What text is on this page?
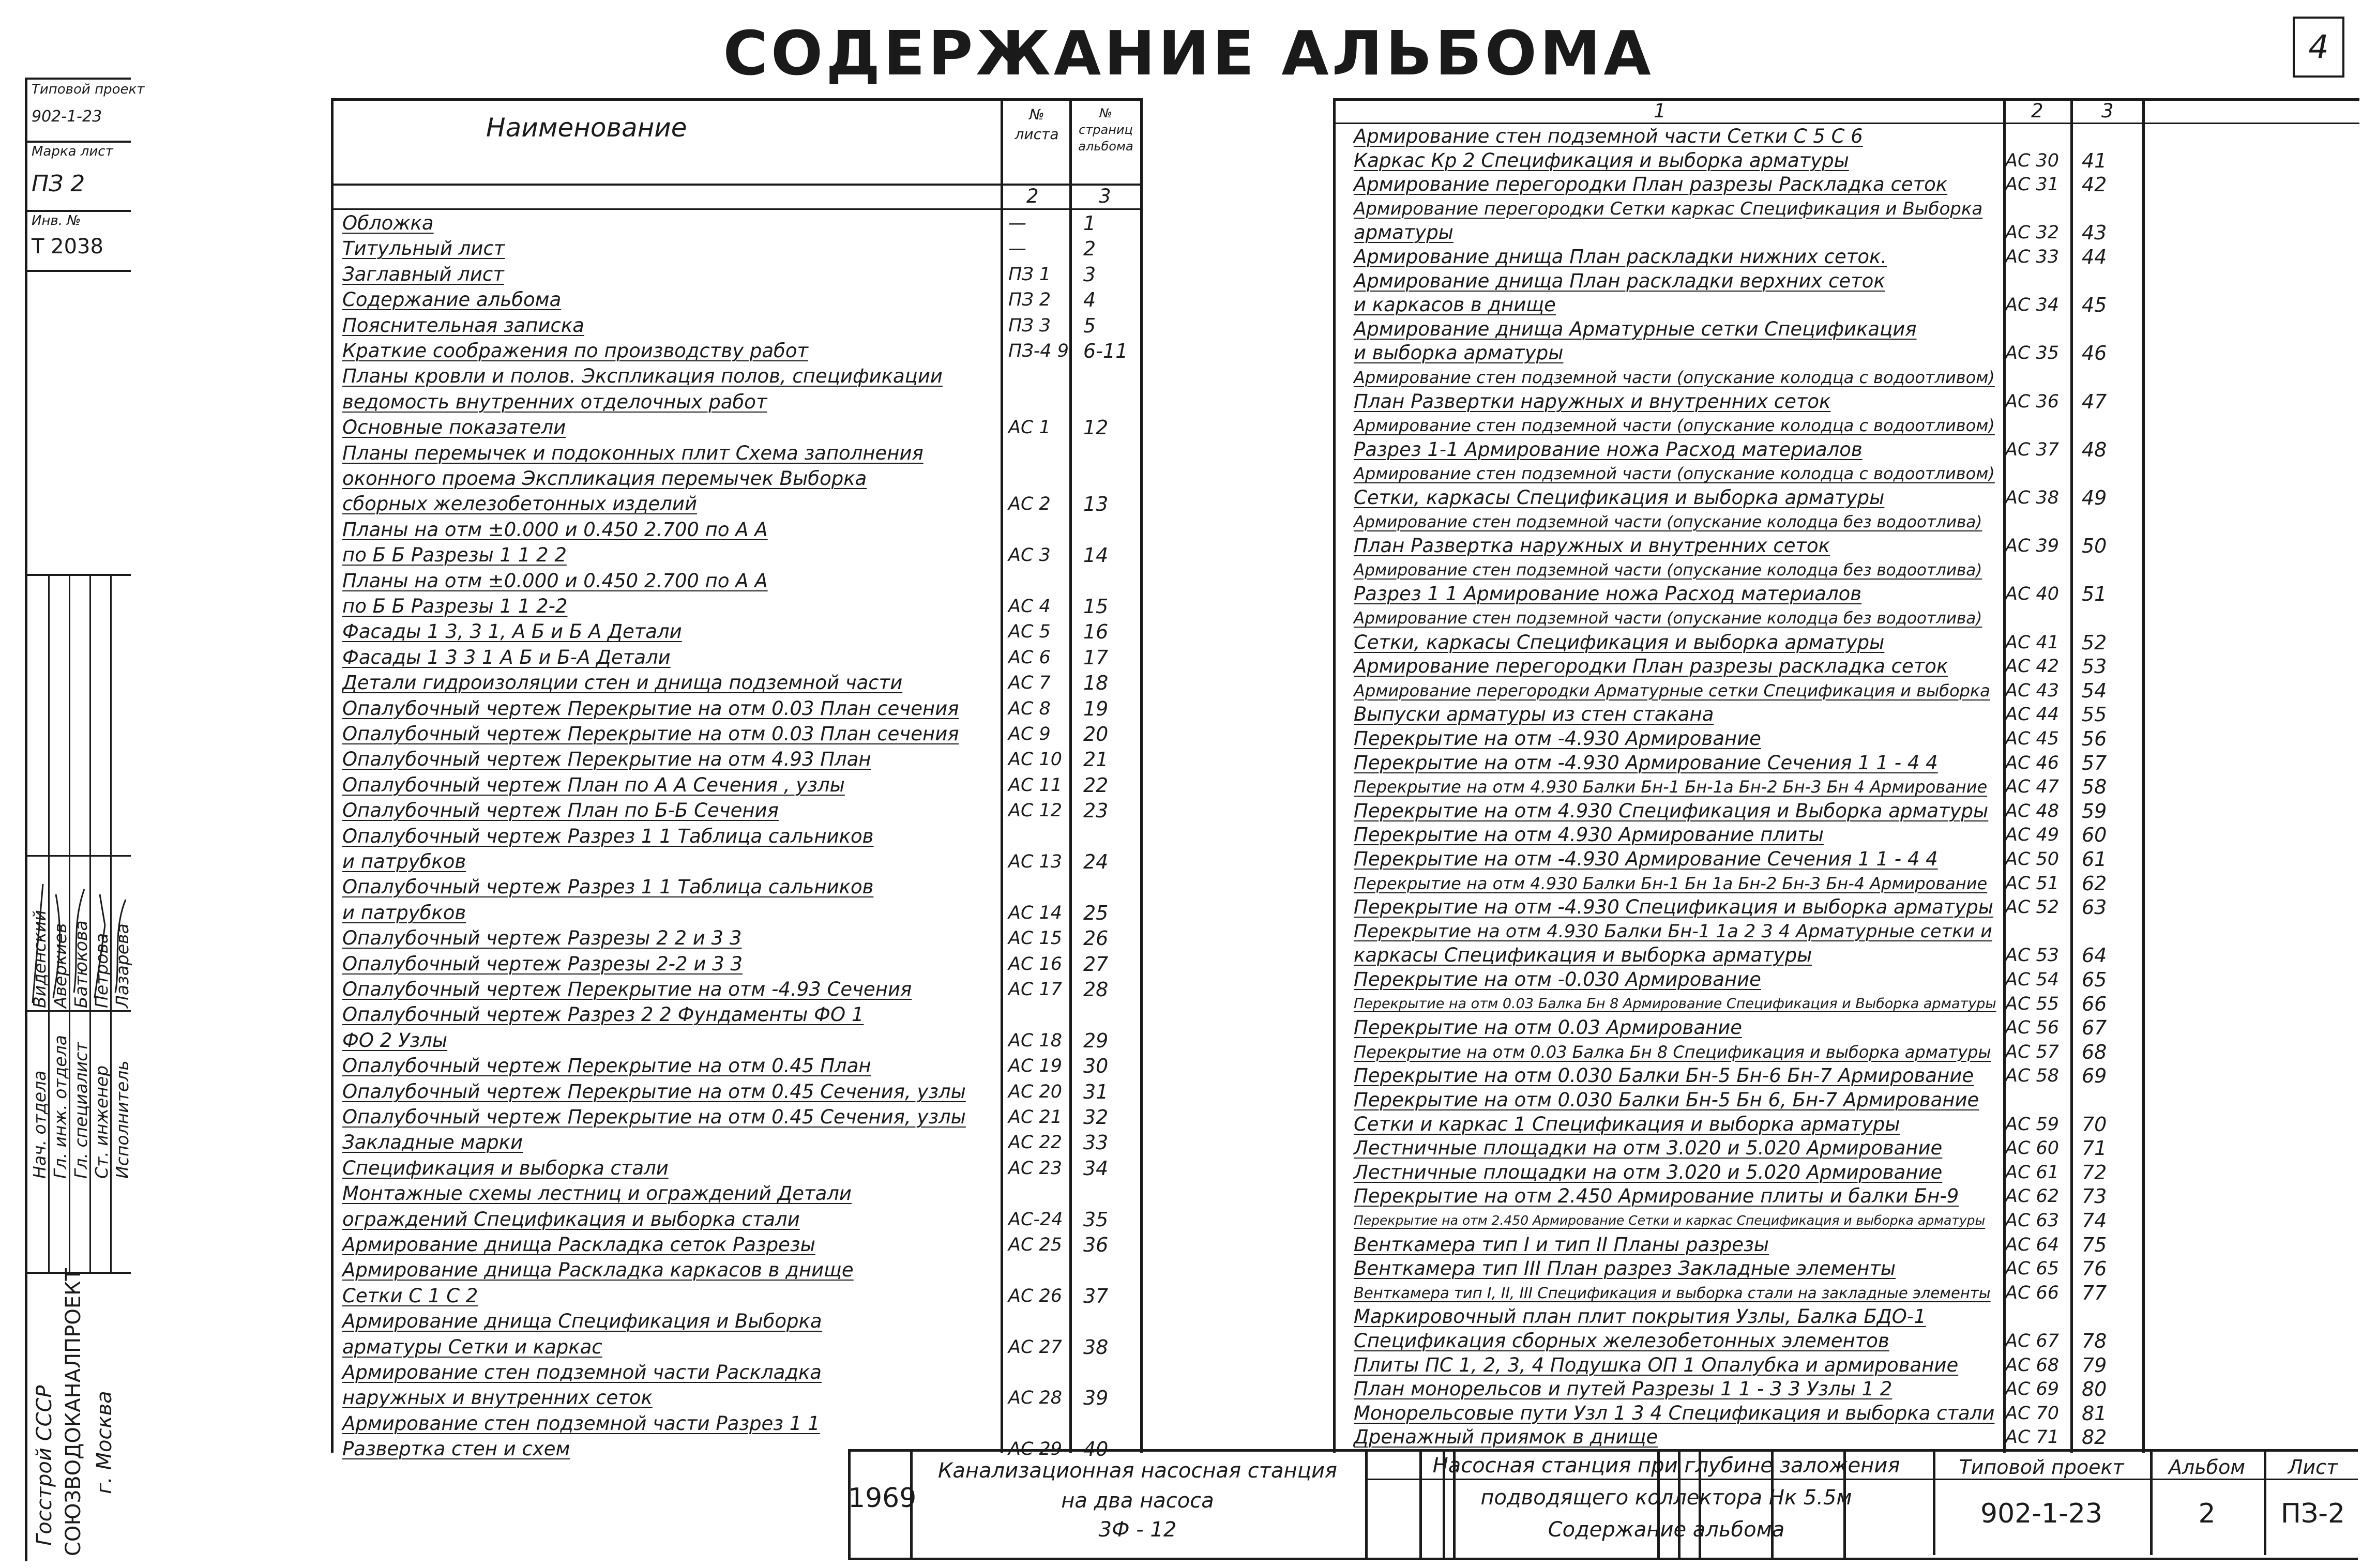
СОДЕРЖАНИЕ АЛЬБОМА	4
Типовой проект
902-1-23
Марка лист
ПЗ 2
Инв. №
Т 2038
Нач. отдела Гл. инж. отдела Гл. специалист Ст. инженер Исполнитель
Виденский Аверкиев Батюкова Петрова Лазарева
Госстрой СССР СОЮЗВОДОКАНАЛПРОЕКТ г. Москва
Наименование	№ листа
№ страниц альбома
2	3
Обложка	—	1
Титульный лист	—	2
Заглавный лист	ПЗ 1 3
Содержание альбома	ПЗ 2 4
Пояснительная записка	ПЗ 3 5
Краткие соображения по производству работ	ПЗ-4 9 6-11
Планы кровли и полов. Экспликация полов, спецификации
ведомость внутренних отделочных работ
Основные показатели	АС 1 12
Планы перемычек и подоконных плит Схема заполнения
оконного проема Экспликация перемычек Выборка
сборных железобетонных изделий	АС 2 13
Планы на отм ±0.000 и 0.450 2.700 по А А
по Б Б Разрезы 1 1 2 2	АС 3 14
Планы на отм ±0.000 и 0.450 2.700 по А А
по Б Б Разрезы 1 1 2-2	АС 4 15
Фасады 1 3, 3 1, А Б и Б А Детали	АС 5 16
Фасады 1 3 3 1 А Б и Б-А Детали	АС 6 17
Детали гидроизоляции стен и днища подземной части	АС 7 18
Опалубочный чертеж Перекрытие на отм 0.03 План сечения	АС 8 19
Опалубочный чертеж Перекрытие на отм 0.03 План сечения	АС 9 20
Опалубочный чертеж Перекрытие на отм 4.93 План	АС 10 21
Опалубочный чертеж План по А А Сечения , узлы	АС 11 22
Опалубочный чертеж План по Б-Б Сечения	АС 12 23
Опалубочный чертеж Разрез 1 1 Таблица сальников
и патрубков	АС 13 24
Опалубочный чертеж Разрез 1 1 Таблица сальников
и патрубков	АС 14 25
Опалубочный чертеж Разрезы 2 2 и 3 3	АС 15 26
Опалубочный чертеж Разрезы 2-2 и 3 3	АС 16 27
Опалубочный чертеж Перекрытие на отм -4.93 Сечения	АС 17 28
Опалубочный чертеж Разрез 2 2 Фундаменты ФО 1
ФО 2 Узлы	АС 18 29
Опалубочный чертеж Перекрытие на отм 0.45 План	АС 19 30
Опалубочный чертеж Перекрытие на отм 0.45 Сечения, узлы АС 20 31
Опалубочный чертеж Перекрытие на отм 0.45 Сечения, узлы АС 21 32
Закладные марки	АС 22 33
Спецификация и выборка стали	АС 23 34
Монтажные схемы лестниц и ограждений Детали
ограждений Спецификация и выборка стали	АС-24 35
Армирование днища Раскладка сеток Разрезы	АС 25 36
Армирование днища Раскладка каркасов в днище
Сетки С 1 С 2	АС 26 37
Армирование днища Спецификация и Выборка
арматуры Сетки и каркас	АС 27 38
Армирование стен подземной части Раскладка
наружных и внутренних сеток	АС 28 39
Армирование стен подземной части Разрез 1 1
Развертка стен и схем	АС 29 40
1	2	3
Армирование стен подземной части Сетки С 5 С 6
Каркас Кр 2 Спецификация и выборка арматуры	АС 30 41
Армирование перегородки План разрезы Раскладка сеток	АС 31 42
Армирование перегородки Сетки каркас Спецификация и Выборка
арматуры	АС 32 43
Армирование днища План раскладки нижних сеток.	АС 33 44
Армирование днища План раскладки верхних сеток
и каркасов в днище	АС 34 45
Армирование днища Арматурные сетки Спецификация
и выборка арматуры	АС 35 46
Армирование стен подземной части (опускание колодца с водоотливом)
План Развертки наружных и внутренних сеток	АС 36 47
Армирование стен подземной части (опускание колодца с водоотливом)
Разрез 1-1 Армирование ножа Расход материалов	АС 37 48
Армирование стен подземной части (опускание колодца с водоотливом)
Сетки, каркасы Спецификация и выборка арматуры	АС 38 49
Армирование стен подземной части (опускание колодца без водоотлива)
План Развертка наружных и внутренних сеток	АС 39 50
Армирование стен подземной части (опускание колодца без водоотлива)
Разрез 1 1 Армирование ножа Расход материалов	АС 40 51
Армирование стен подземной части (опускание колодца без водоотлива)
Сетки, каркасы Спецификация и выборка арматуры	АС 41 52
Армирование перегородки План разрезы раскладка сеток	АС 42 53
Армирование перегородки Арматурные сетки Спецификация и выборка АС 43 54
Выпуски арматуры из стен стакана	АС 44 55
Перекрытие на отм -4.930 Армирование	АС 45 56
Перекрытие на отм -4.930 Армирование Сечения 1 1 - 4 4	АС 46 57
Перекрытие на отм 4.930 Балки Бн-1 Бн-1а Бн-2 Бн-3 Бн 4 Армирование АС 47 58
Перекрытие на отм 4.930 Спецификация и Выборка арматуры АС 48 59
Перекрытие на отм 4.930 Армирование плиты	АС 49 60
Перекрытие на отм -4.930 Армирование Сечения 1 1 - 4 4	АС 50 61
Перекрытие на отм 4.930 Балки Бн-1 Бн 1а Бн-2 Бн-3 Бн-4 Армирование АС 51 62
Перекрытие на отм -4.930 Спецификация и выборка арматуры АС 52 63
Перекрытие на отм 4.930 Балки Бн-1 1а 2 3 4 Арматурные сетки и
каркасы Спецификация и выборка арматуры	АС 53 64
Перекрытие на отм -0.030 Армирование	АС 54 65
Перекрытие на отм 0.03 Балка Бн 8 Армирование Спецификация и Выборка арматуры АС 55 66
Перекрытие на отм 0.03 Армирование	АС 56 67
Перекрытие на отм 0.03 Балка Бн 8 Спецификация и выборка арматуры АС 57 68
Перекрытие на отм 0.030 Балки Бн-5 Бн-6 Бн-7 Армирование АС 58 69
Перекрытие на отм 0.030 Балки Бн-5 Бн 6, Бн-7 Армирование
Сетки и каркас 1 Спецификация и выборка арматуры	АС 59 70
Лестничные площадки на отм 3.020 и 5.020 Армирование	АС 60 71
Лестничные площадки на отм 3.020 и 5.020 Армирование	АС 61 72
Перекрытие на отм 2.450 Армирование плиты и балки Бн-9	АС 62 73
Перекрытие на отм 2.450 Армирование Сетки и каркас Спецификация и выборка арматуры АС 63 74
Венткамера тип I и тип II Планы разрезы	АС 64 75
Венткамера тип III План разрез Закладные элементы	АС 65 76
Венткамера тип I, II, III Спецификация и выборка стали на закладные элементы АС 66 77
Маркировочный план плит покрытия Узлы, Балка БДО-1
Спецификация сборных железобетонных элементов	АС 67 78
Плиты ПС 1, 2, 3, 4 Подушка ОП 1 Опалубка и армирование	АС 68 79
План монорельсов и путей Разрезы 1 1 - 3 3 Узлы 1 2	АС 69 80
Монорельсовые пути Узл 1 3 4 Спецификация и выборка стали АС 70 81
Дренажный приямок в днище	АС 71 82
1969
Канализационная насосная станция
на два насоса
3Ф - 12
Насосная станция при глубине заложения
подводящего коллектора Нк 5.5м
Содержание альбома
Типовой проект
902-1-23
Альбом
2
Лист
ПЗ-2
